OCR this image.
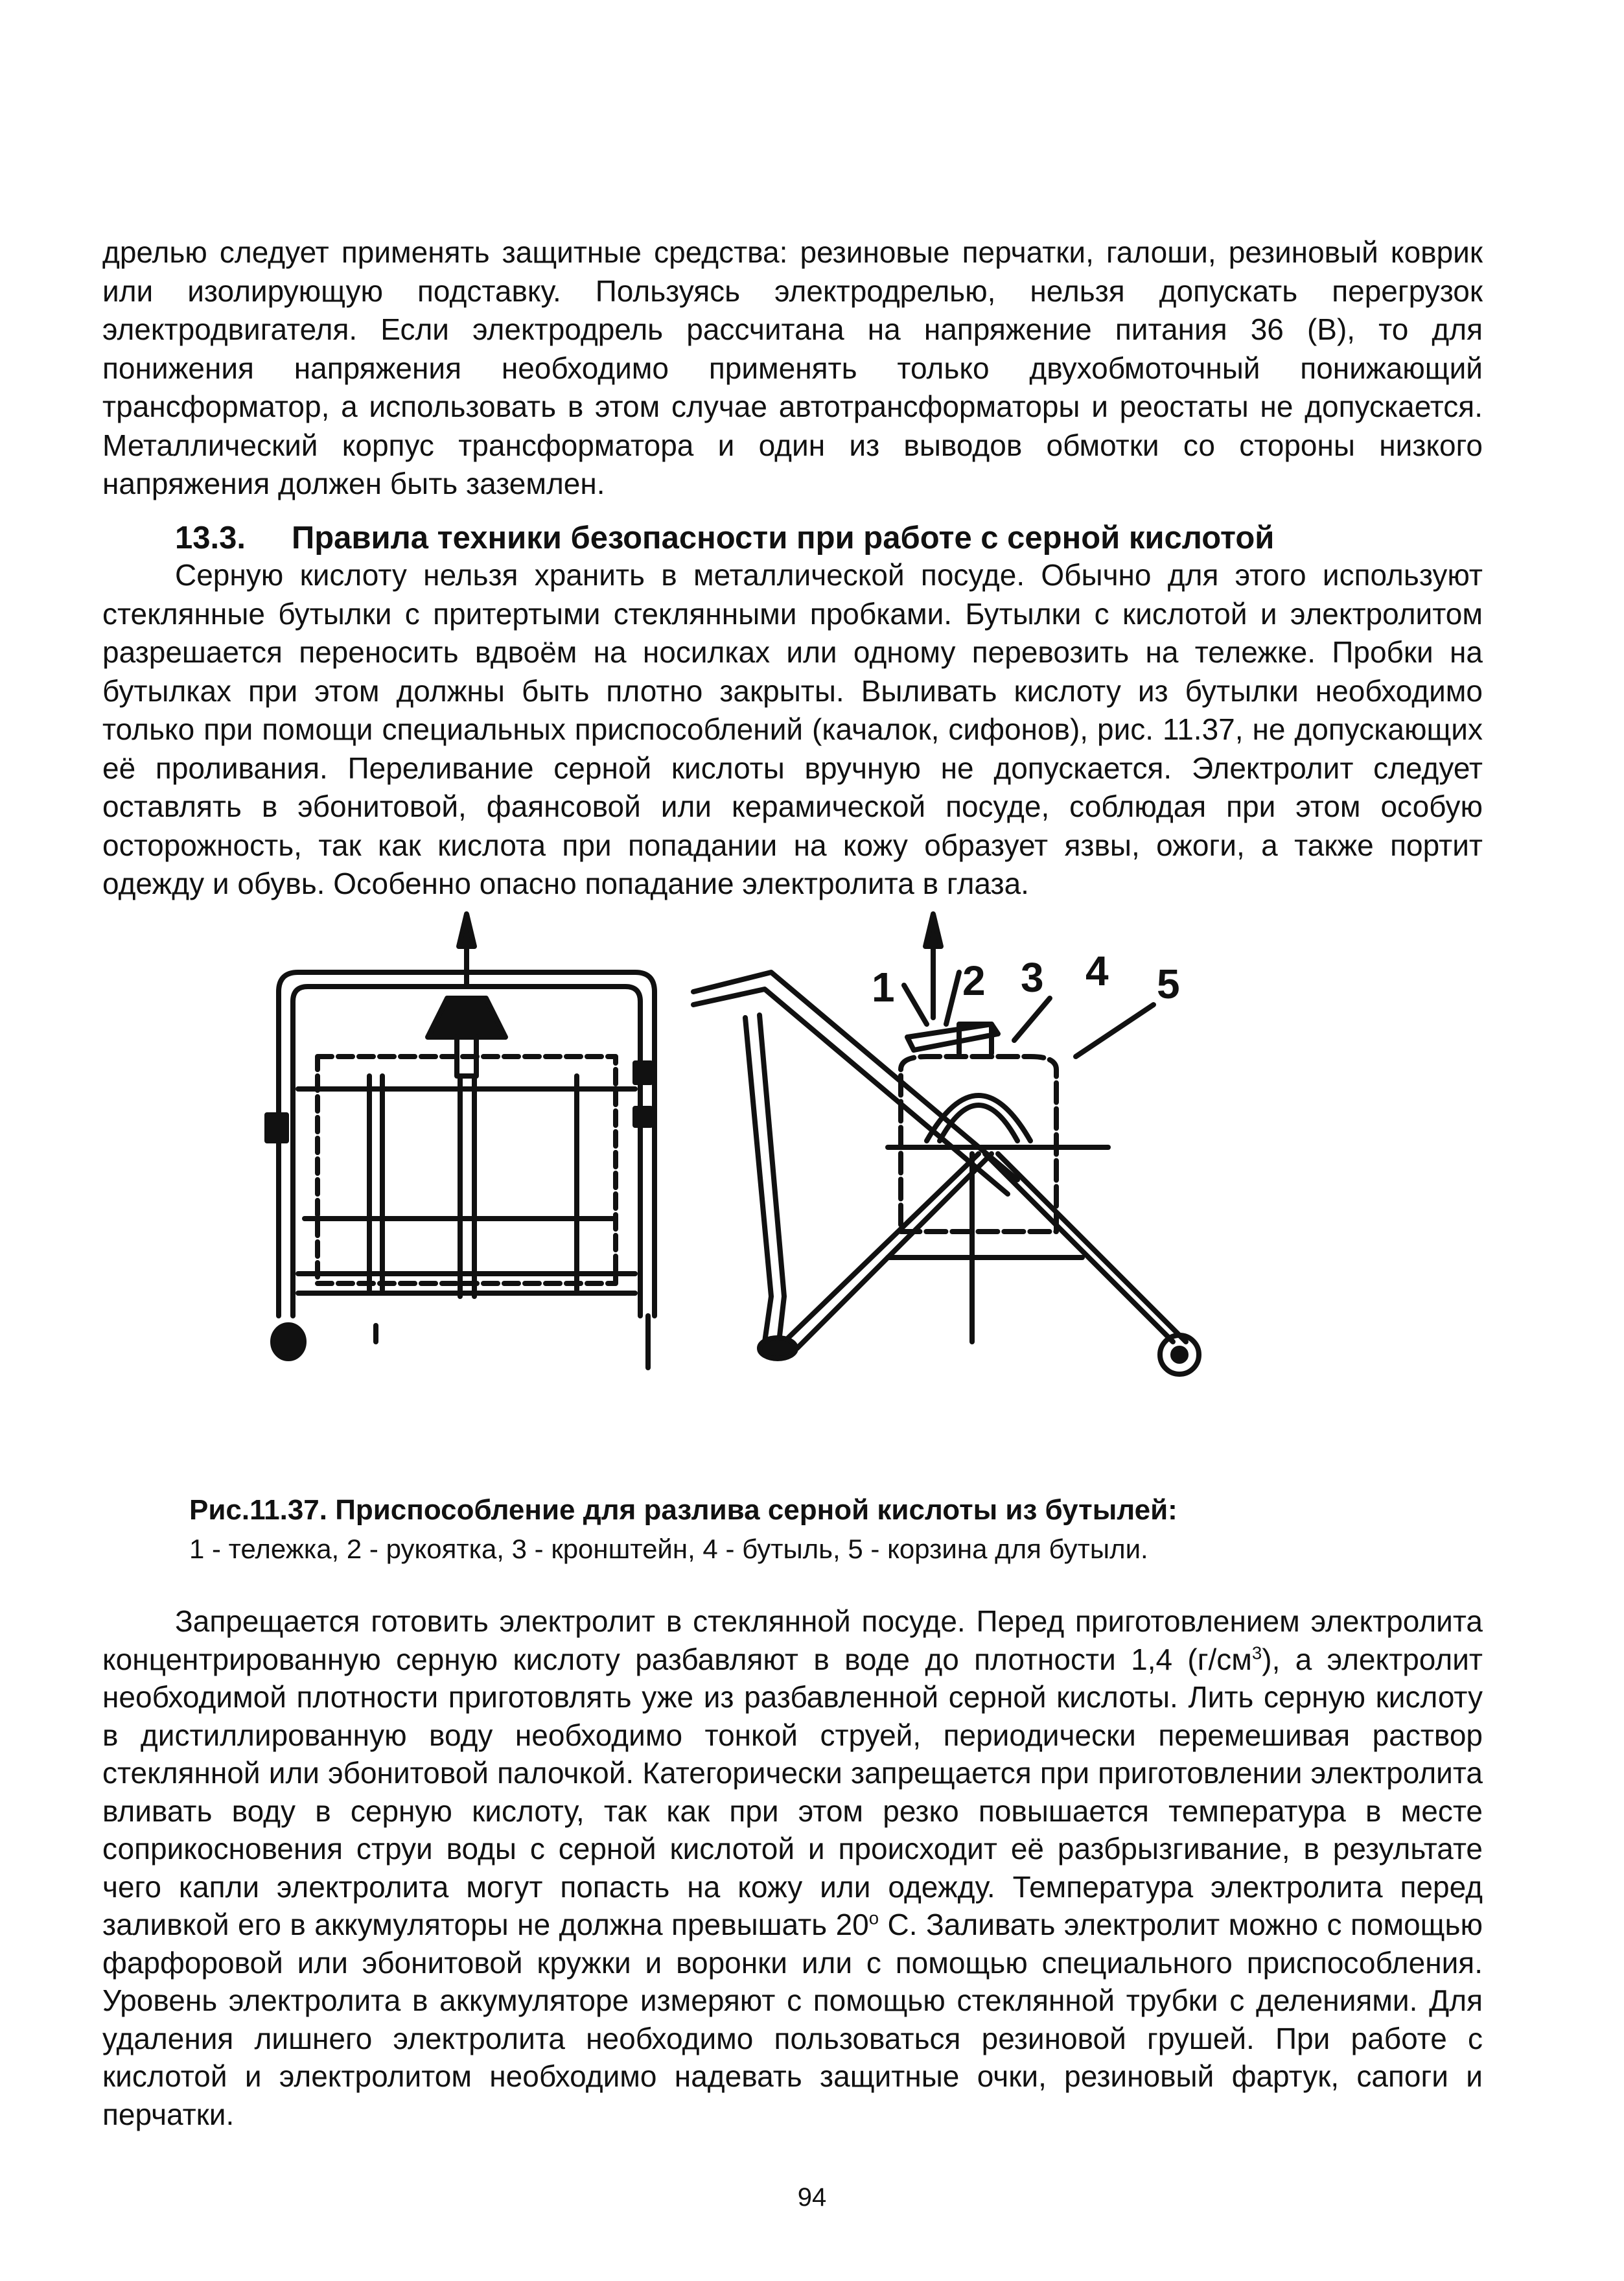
дрелью следует применять защитные средства: резиновые перчатки, галоши, резиновый коврик или изолирующую подставку. Пользуясь электродрелью, нельзя допускать перегрузок электродвигателя. Если электродрель рассчитана на напряжение питания 36 (В), то для понижения напряжения необходимо применять только двухобмоточный понижающий трансформатор, а использовать в этом случае автотрансформаторы и реостаты не допускается. Металлический корпус трансформатора и один из выводов обмотки со стороны низкого напряжения должен быть заземлен.
13.3. Правила техники безопасности при работе с серной кислотой
Серную кислоту нельзя хранить в металлической посуде. Обычно для этого используют стеклянные бутылки с притертыми стеклянными пробками. Бутылки с кислотой и электролитом разрешается переносить вдвоём на носилках или одному перевозить на тележке. Пробки на бутылках при этом должны быть плотно закрыты. Выливать кислоту из бутылки необходимо только при помощи специальных приспособлений (качалок, сифонов), рис. 11.37, не допускающих её проливания. Переливание серной кислоты вручную не допускается. Электролит следует оставлять в эбонитовой, фаянсовой или керамической посуде, соблюдая при этом особую осторожность, так как кислота при попадании на кожу образует язвы, ожоги, а также портит одежду и обувь. Особенно опасно попадание электролита в глаза.
1 2 3 4 5
Рис.11.37. Приспособление для разлива серной кислоты из бутылей:
1 - тележка, 2 - рукоятка, 3 - кронштейн, 4 - бутыль, 5 - корзина для бутыли.
Запрещается готовить электролит в стеклянной посуде. Перед приготовлением электролита концентрированную серную кислоту разбавляют в воде до плотности 1,4 $(г/см^3)$, а электролит необходимой плотности приготовлять уже из разбавленной серной кислоты. Лить серную кислоту в дистиллированную воду необходимо тонкой струей, периодически перемешивая раствор стеклянной или эбонитовой палочкой. Категорически запрещается при приготовлении электролита вливать воду в серную кислоту, так как при этом резко повышается температура в месте соприкосновения струи воды с серной кислотой и происходит её разбрызгивание, в результате чего капли электролита могут попасть на кожу или одежду. Температура электролита перед заливкой его в аккумуляторы не должна превышать $20^о$ С. Заливать электролит можно с помощью фарфоровой или эбонитовой кружки и воронки или с помощью специального приспособления. Уровень электролита в аккумуляторе измеряют с помощью стеклянной трубки с делениями. Для удаления лишнего электролита необходимо пользоваться резиновой грушей. При работе с кислотой и электролитом необходимо надевать защитные очки, резиновый фартук, сапоги и перчатки.
94
